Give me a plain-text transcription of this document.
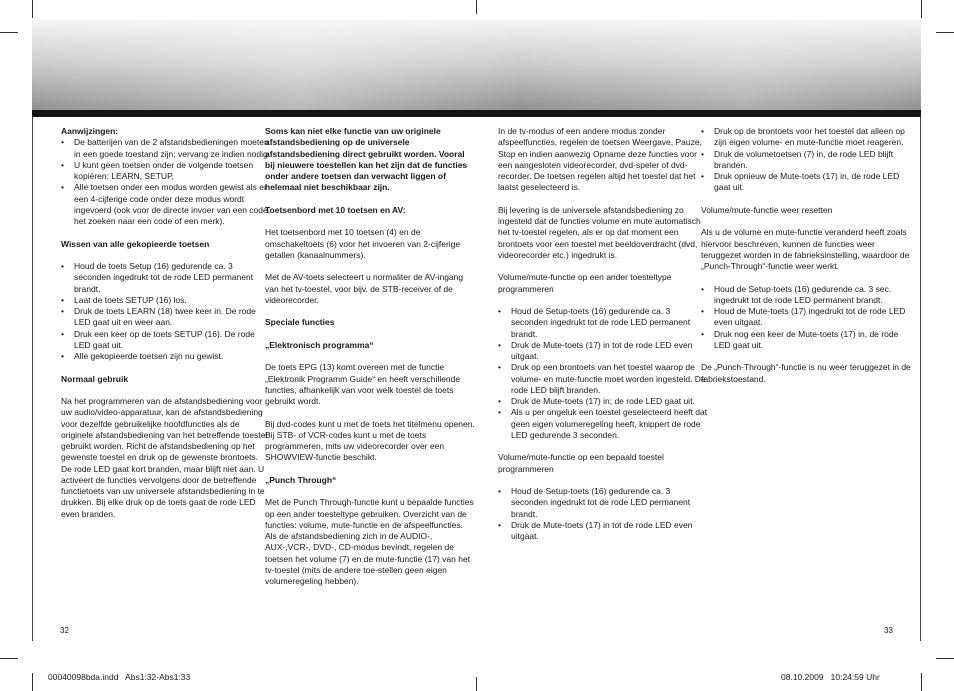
Aanwijzingen:

• De batterijen van de 2 afstandsbedieningen moeten in een goede toestand zijn; vervang ze indien nodig.
• U kunt geen toetsen onder de volgende toetsen kopiëren: LEARN, SETUP,
• Alle toetsen onder een modus worden gewist als er een 4-cijferige code onder deze modus wordt ingevoerd (ook voor de directe invoer van een code, het zoeken naar een code of een merk).

Wissen van alle gekopieerde toetsen

• Houd de toets Setup (16) gedurende ca. 3 seconden ingedrukt tot de rode LED permanent brandt.
• Laat de toets SETUP (16) los.
• Druk de toets LEARN (18) twee keer in. De rode LED gaat uit en weer aan.
• Druk een keer op de toets SETUP (16). De rode LED gaat uit.
• Alle gekopieerde toetsen zijn nu gewist.

Normaal gebruik

Na het programmeren van de afstandsbediening voor uw audio/video-apparatuur, kan de afstandsbediening voor dezelfde gebruikelijke hoofdfuncties als de originele afstandsbediening van het betreffende toestel gebruikt worden. Richt de afstandsbediening op het gewenste toestel en druk op de gewenste brontoets. De rode LED gaat kort branden, maar blijft niet aan. U activeert de functies vervolgens door de betreffende functietoets van uw universele afstandsbediening in te drukken. Bij elke druk op de toets gaat de rode LED even branden.

Soms kan niet elke functie van uw originele afstandsbediening op de universele afstandsbediening direct gebruikt worden. Vooral bij nieuwere toestellen kan het zijn dat de functies onder andere toetsen dan verwacht liggen of helemaal niet beschikbaar zijn.

Toetsenbord met 10 toetsen en AV:

Het toetsenbord met 10 toetsen (4) en de omschakeltoets (6) voor het invoeren van 2-cijferige getallen (kanaalnummers).

Met de AV-toets selecteert u normaliter de AV-ingang van het tv-toestel, voor bijv. de STB-receiver of de videorecorder.

Speciale functies

„Elektronisch programma“

De toets EPG (13) komt overeen met de functie „Elektronik Programm Guide“ en heeft verschillende functies, afhankelijk van voor welk toestel de toets gebruikt wordt.

Bij dvd-codes kunt u met de toets het titelmenu openen. Bij STB- of VCR-codes kunt u met de toets programmeren, mits uw videorecorder over een SHOWVIEW-functie beschikt.

„Punch Through“

Met de Punch Through-functie kunt u bepaalde functies op een ander toesteltype gebruiken. Overzicht van de functies: volume, mute-functie en de afspeelfuncties. Als de afstandsbediening zich in de AUDIO-, AUX-,VCR-, DVD-, CD-modus bevindt, regelen de toetsen het volume (7) en de mute-functie (17) van het tv-toestel (mits de andere toe-stellen geen eigen volumeregeling hebben).

In de tv-modus of een andere modus zonder afspeelfuncties, regelen de toetsen Weergave, Pauze, Stop en indien aanwezig Opname deze functies voor een aangesloten videorecorder, dvd-speler of dvd-recorder. De toetsen regelen altijd het toestel dat het laatst geselecteerd is.

Bij levering is de universele afstandsbediening zo ingesteld dat de functies volume en mute automatisch het tv-toestel regelen, als er op dat moment een brontoets voor een toestel met beeldoverdracht (dvd, videorecorder etc.) ingedrukt is.

Volume/mute-functie op een ander toesteltype programmeren

• Houd de Setup-toets (16) gedurende ca. 3 seconden ingedrukt tot de rode LED permanent brandt.
• Druk de Mute-toets (17) in tot de rode LED even uitgaat.
• Druk op een brontoets van het toestel waarop de volume- en mute-functie moet worden ingesteld. De rode LED blijft branden.
• Druk de Mute-toets (17) in; de rode LED gaat uit.
• Als u per ongeluk een toestel geselecteerd heeft dat geen eigen volumeregeling heeft, knippert de rode LED gedurende 3 seconden.

Volume/mute-functie op een bepaald toestel programmeren

• Houd de Setup-toets (16) gedurende ca. 3 seconden ingedrukt tot de rode LED permanent brandt.
• Druk de Mute-toets (17) in tot de rode LED even uitgaat.
• Druk op de brontoets voor het toestel dat alleen op zijn eigen volume- en mute-functie moet reageren.
• Druk de volumetoetsen (7) in, de rode LED blijft branden.
• Druk opnieuw de Mute-toets (17) in, de rode LED gaat uit.

Volume/mute-functie weer resetten

Als u de volume en mute-functie veranderd heeft zoals hiervoor beschreven, kunnen de functies weer teruggezet worden in de fabrieksinstelling, waardoor de „Punch-Through“-functie weer werkt.

• Houd de Setup-toets (16) gedurende ca. 3 sec. ingedrukt tot de rode LED permanent brandt.
• Houd de Mute-toets (17) ingedrukt tot de rode LED even uitgaat.
• Druk nog een keer de Mute-toets (17) in, de rode LED gaat uit.

De „Punch-Through“-functie is nu weer teruggezet in de fabriekstoestand.

32	33
00040098bda.indd   Abs1:32-Abs1:33	08.10.2009   10:24:59 Uhr
